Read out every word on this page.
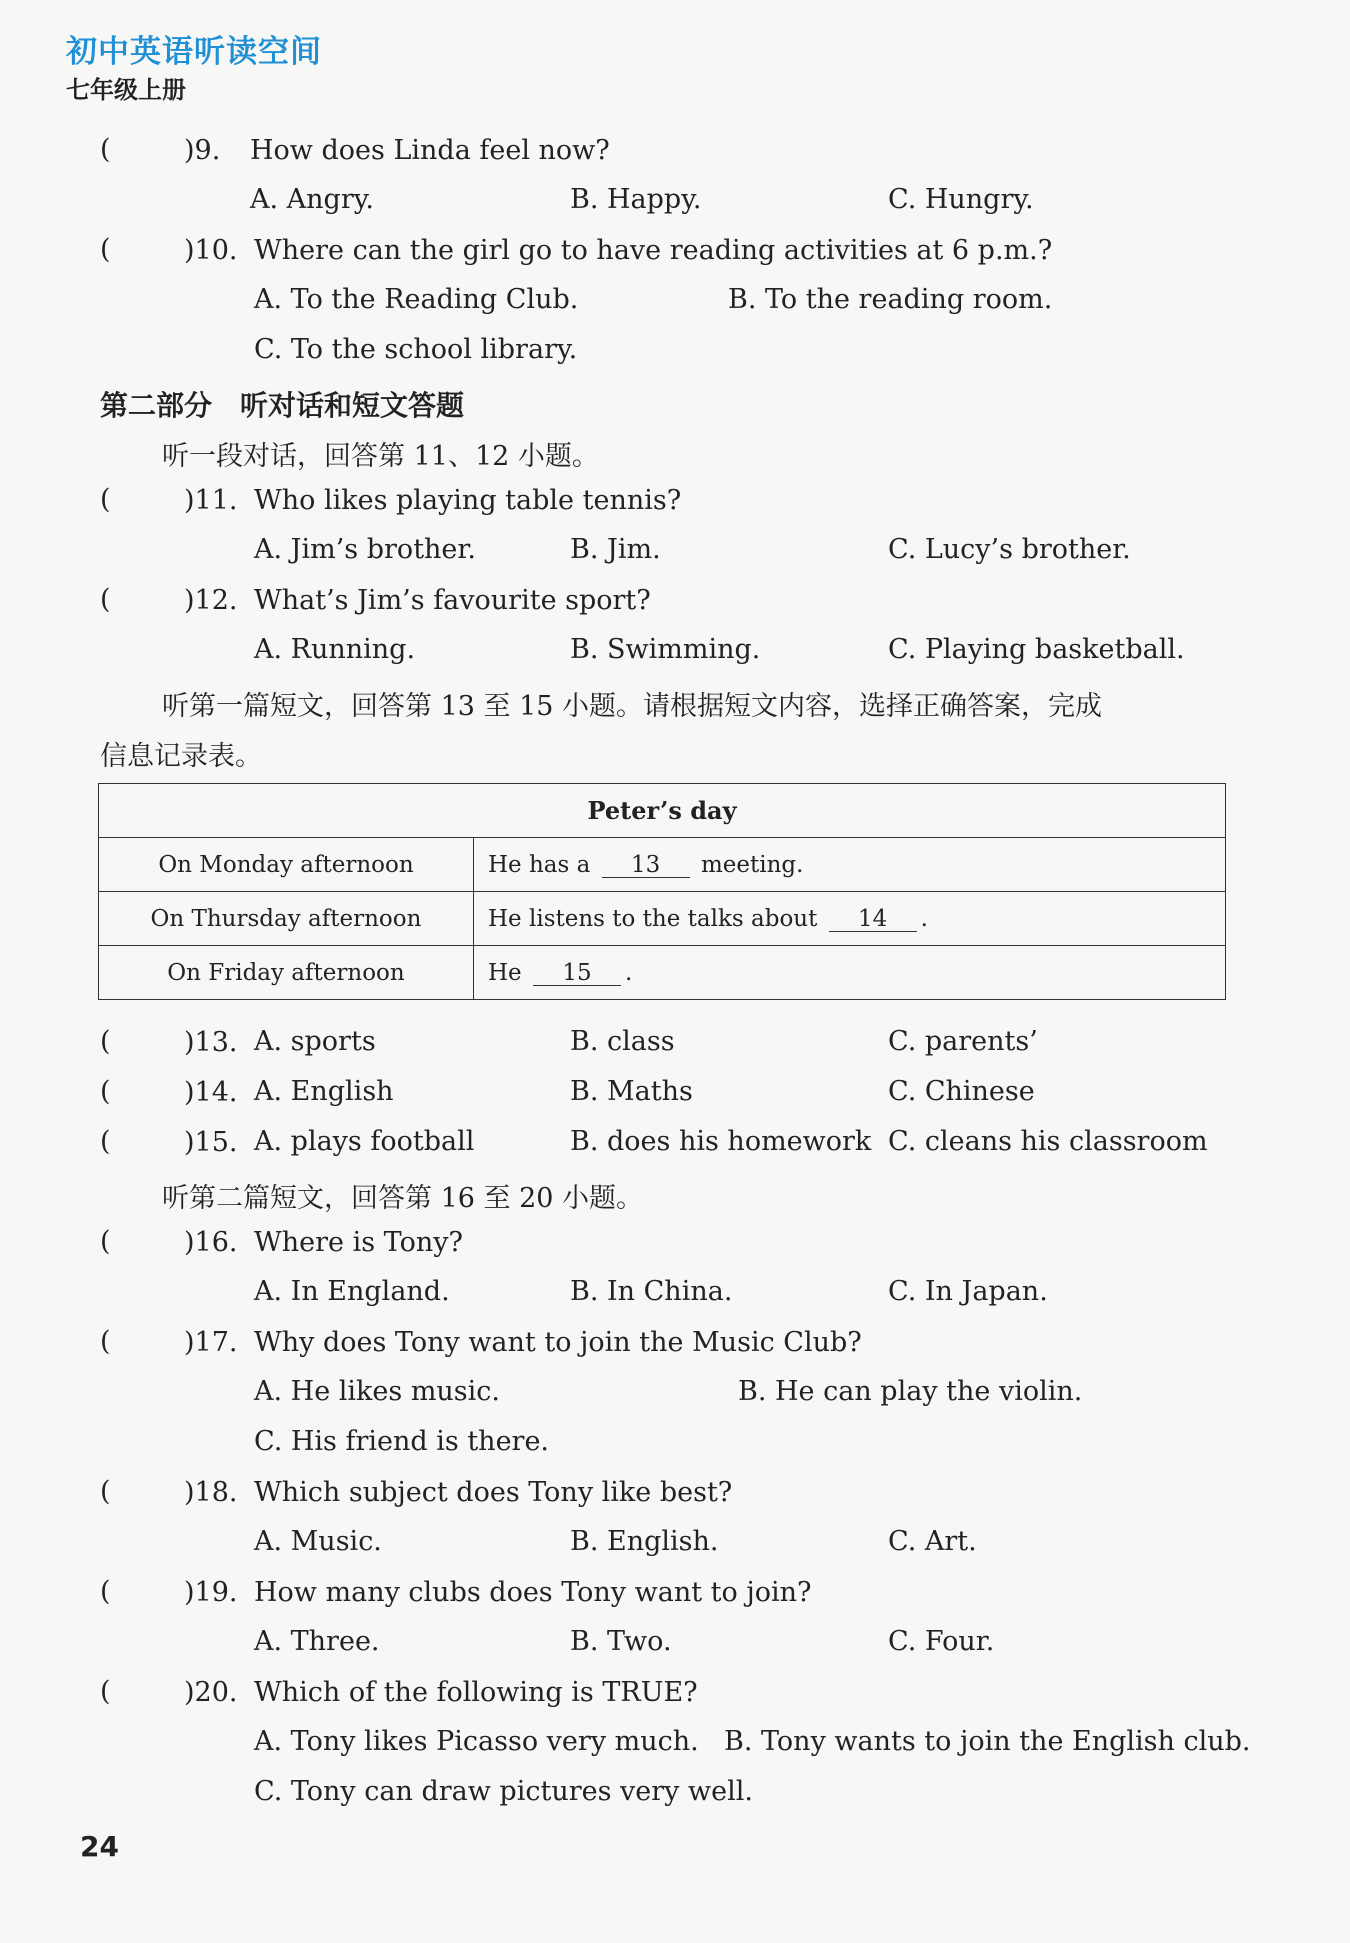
初中英语听读空间
七年级上册
(	)9. How does Linda feel now?
A. Angry.	B. Happy.	C. Hungry.
(	)10. Where can the girl go to have reading activities at 6 p.m.?
A. To the Reading Club.	B. To the reading room.
C. To the school library.
第二部分　听对话和短文答题
听一段对话，回答第 11、12 小题。
(	)11. Who likes playing table tennis?
A. Jim’s brother.	B. Jim.	C. Lucy’s brother.
(	)12. What’s Jim’s favourite sport?
A. Running.	B. Swimming.	C. Playing basketball.
听第一篇短文，回答第 13 至 15 小题。请根据短文内容，选择正确答案，完成
信息记录表。
Peter’s day	
On Monday afternoon	He has a 13 meeting.
On Thursday afternoon	He listens to the talks about 14 .
On Friday afternoon	He 15 .
(	)13. A. sports	B. class	C. parents’
(	)14. A. English	B. Maths	C. Chinese
(	)15. A. plays football	B. does his homework C. cleans his classroom
听第二篇短文，回答第 16 至 20 小题。
(	)16. Where is Tony?
A. In England.	B. In China.	C. In Japan.
(	)17. Why does Tony want to join the Music Club?
A. He likes music.	B. He can play the violin.
C. His friend is there.
(	)18. Which subject does Tony like best?
A. Music.	B. English.	C. Art.
(	)19. How many clubs does Tony want to join?
A. Three.	B. Two.	C. Four.
(	)20. Which of the following is TRUE?
A. Tony likes Picasso very much. B. Tony wants to join the English club.
C. Tony can draw pictures very well.
24
